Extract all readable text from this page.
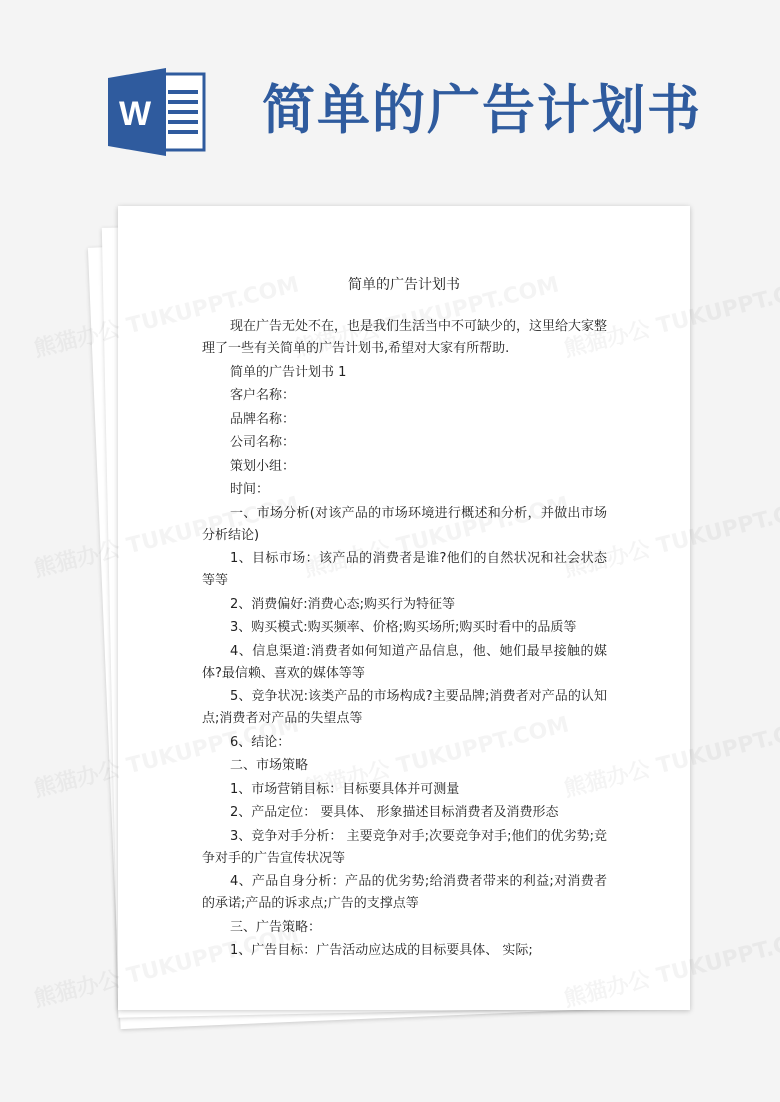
W 简单的广告计划书
简单的广告计划书

现在广告无处不在，也是我们生活当中不可缺少的，这里给大家整理了一些有关简单的广告计划书,希望对大家有所帮助.

简单的广告计划书 1

客户名称：

品牌名称：

公司名称：

策划小组：

时间：

一、市场分析(对该产品的市场环境进行概述和分析，并做出市场分析结论)

1、目标市场：该产品的消费者是谁?他们的自然状况和社会状态等等

2、消费偏好:消费心态;购买行为特征等

3、购买模式:购买频率、价格;购买场所;购买时看中的品质等

4、信息渠道:消费者如何知道产品信息，他、她们最早接触的媒体?最信赖、喜欢的媒体等等

5、竞争状况:该类产品的市场构成?主要品牌;消费者对产品的认知点;消费者对产品的失望点等

6、结论：

二、市场策略

1、市场营销目标：目标要具体并可测量

2、产品定位： 要具体、 形象描述目标消费者及消费形态

3、竞争对手分析： 主要竞争对手;次要竞争对手;他们的优劣势;竞争对手的广告宣传状况等

4、产品自身分析：产品的优劣势;给消费者带来的利益;对消费者的承诺;产品的诉求点;广告的支撑点等

三、广告策略：

1、广告目标：广告活动应达成的目标要具体、 实际;
